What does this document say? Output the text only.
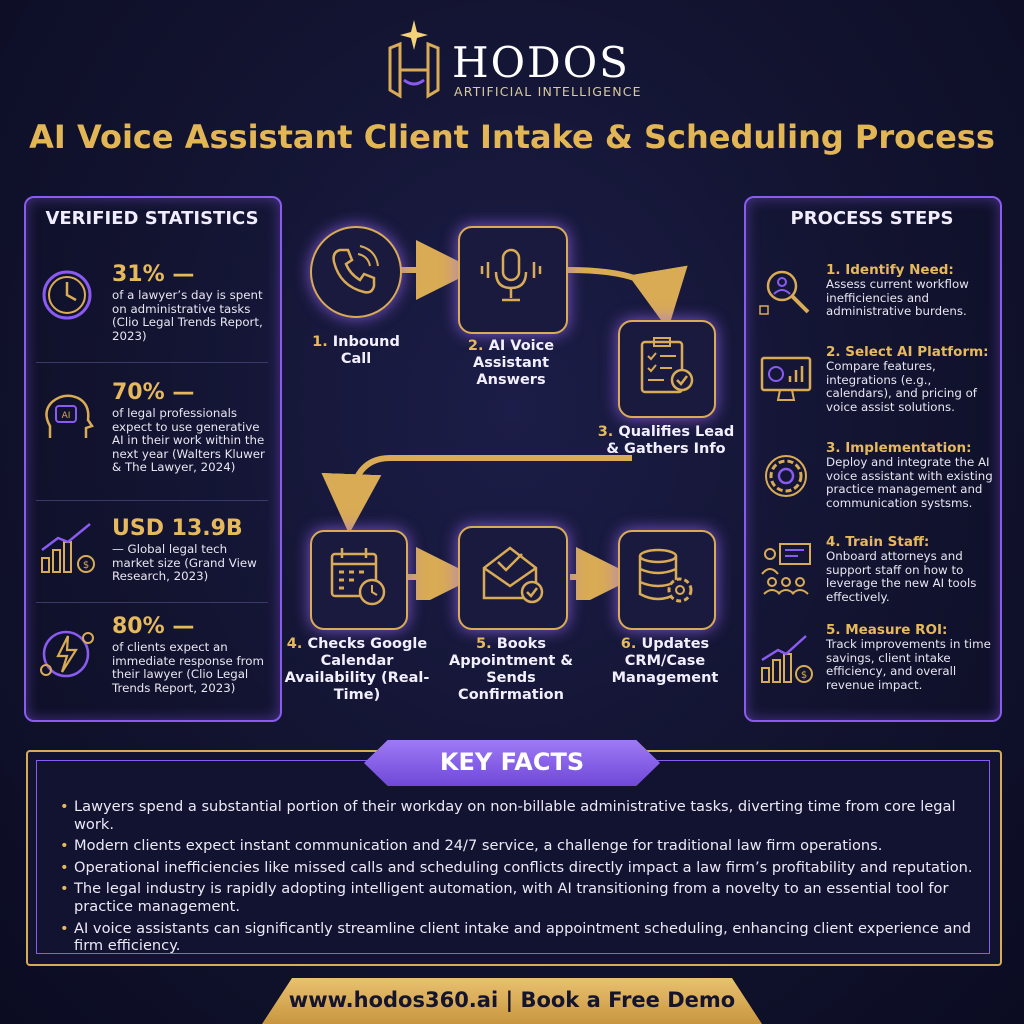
HODOS
ARTIFICIAL INTELLIGENCE
AI Voice Assistant Client Intake & Scheduling Process
VERIFIED STATISTICS
31% —
of a lawyer’s day is spent on administrative tasks (Clio Legal Trends Report, 2023)
AI
70% —
of legal professionals expect to use generative AI in their work within the next year (Walters Kluwer & The Lawyer, 2024)
$
USD 13.9B
— Global legal tech market size (Grand View Research, 2023)
80% —
of clients expect an immediate response from their lawyer (Clio Legal Trends Report, 2023)
PROCESS STEPS
1. Identify Need:
Assess current workflow inefficiencies and administrative burdens.
2. Select AI Platform:
Compare features, integrations (e.g., calendars), and pricing of voice assist solutions.
3. Implementation:
Deploy and integrate the AI voice assistant with existing practice management and communication systsms.
4. Train Staff:
Onboard attorneys and support staff on how to leverage the new AI tools effectively.
$
5. Measure ROI:
Track improvements in time savings, client intake efficiency, and overall revenue impact.
1. Inbound Call
2. AI Voice Assistant Answers
3. Qualifies Lead & Gathers Info
4. Checks Google Calendar Availability (Real-Time)
5. Books Appointment & Sends Confirmation
6. Updates CRM/Case Management
KEY FACTS
• Lawyers spend a substantial portion of their workday on non-billable administrative tasks, diverting time from core legal work.
• Modern clients expect instant communication and 24/7 service, a challenge for traditional law firm operations.
• Operational inefficiencies like missed calls and scheduling conflicts directly impact a law firm’s profitability and reputation.
• The legal industry is rapidly adopting intelligent automation, with AI transitioning from a novelty to an essential tool for practice management.
• AI voice assistants can significantly streamline client intake and appointment scheduling, enhancing client experience and firm efficiency.
www.hodos360.ai | Book a Free Demo
